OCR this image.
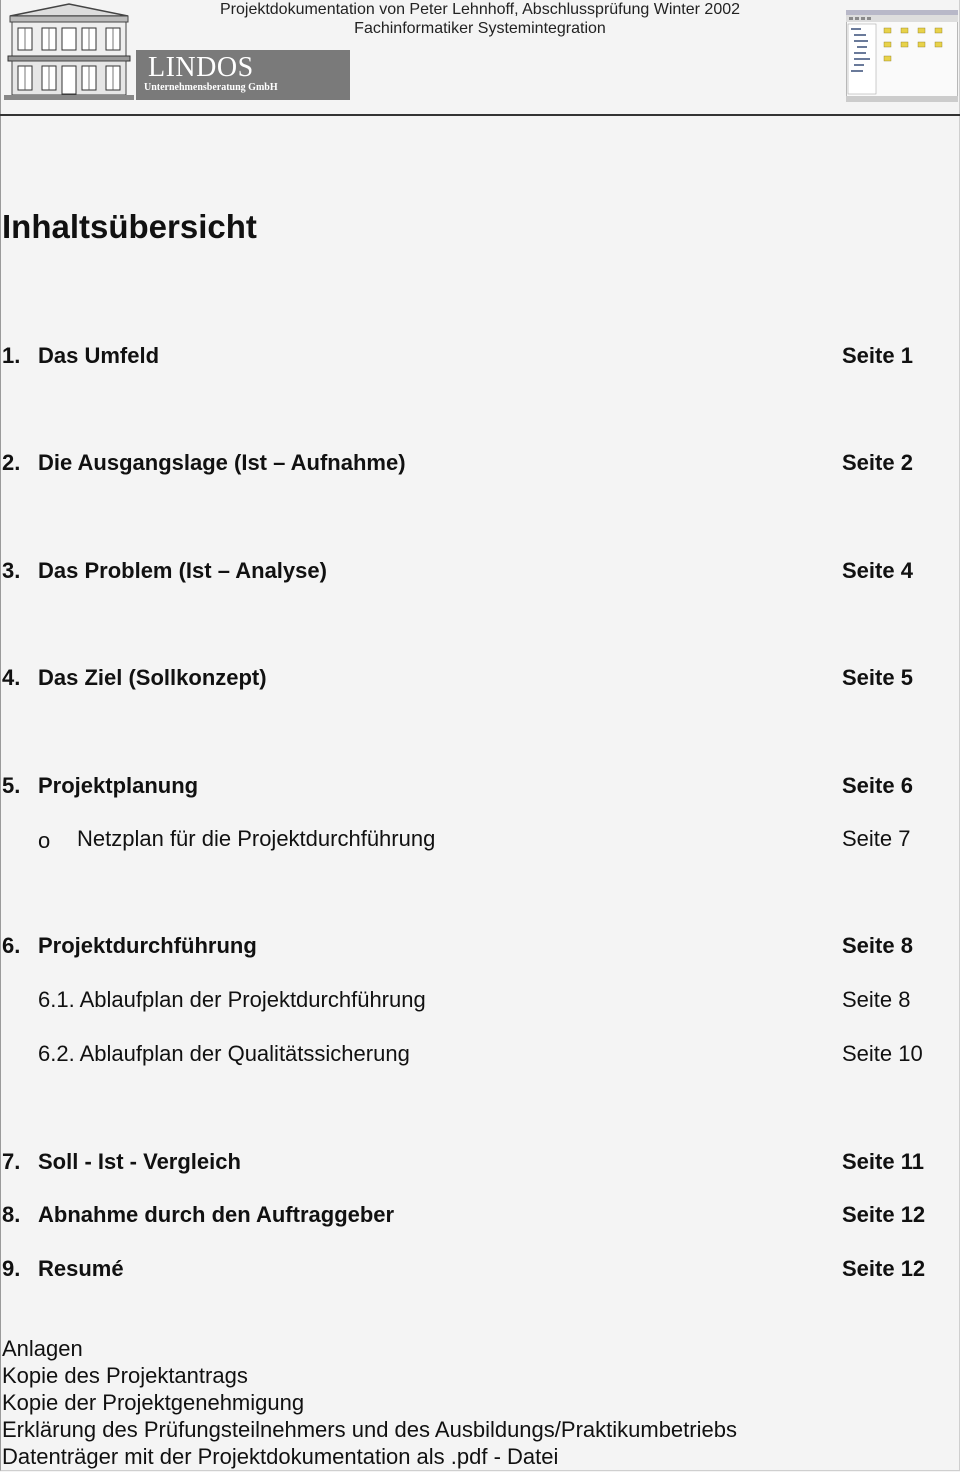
LINDOS
Unternehmensberatung GmbH
Projektdokumentation von Peter Lehnhoff, Abschlussprüfung Winter 2002
Fachinformatiker Systemintegration
Inhaltsübersicht
1. Das Umfeld	Seite 1
2. Die Ausgangslage (Ist – Aufnahme)	Seite 2
3. Das Problem (Ist – Analyse)	Seite 4
4. Das Ziel (Sollkonzept)	Seite 5
5. Projektplanung	Seite 6
o Netzplan für die Projektdurchführung	Seite 7
6. Projektdurchführung	Seite 8
6.1. Ablaufplan der Projektdurchführung	Seite 8
6.2. Ablaufplan der Qualitätssicherung	Seite 10
7. Soll - Ist - Vergleich	Seite 11
8. Abnahme durch den Auftraggeber	Seite 12
9. Resumé	Seite 12
Anlagen
Kopie des Projektantrags
Kopie der Projektgenehmigung
Erklärung des Prüfungsteilnehmers und des Ausbildungs/Praktikumbetriebs
Datenträger mit der Projektdokumentation als .pdf - Datei
